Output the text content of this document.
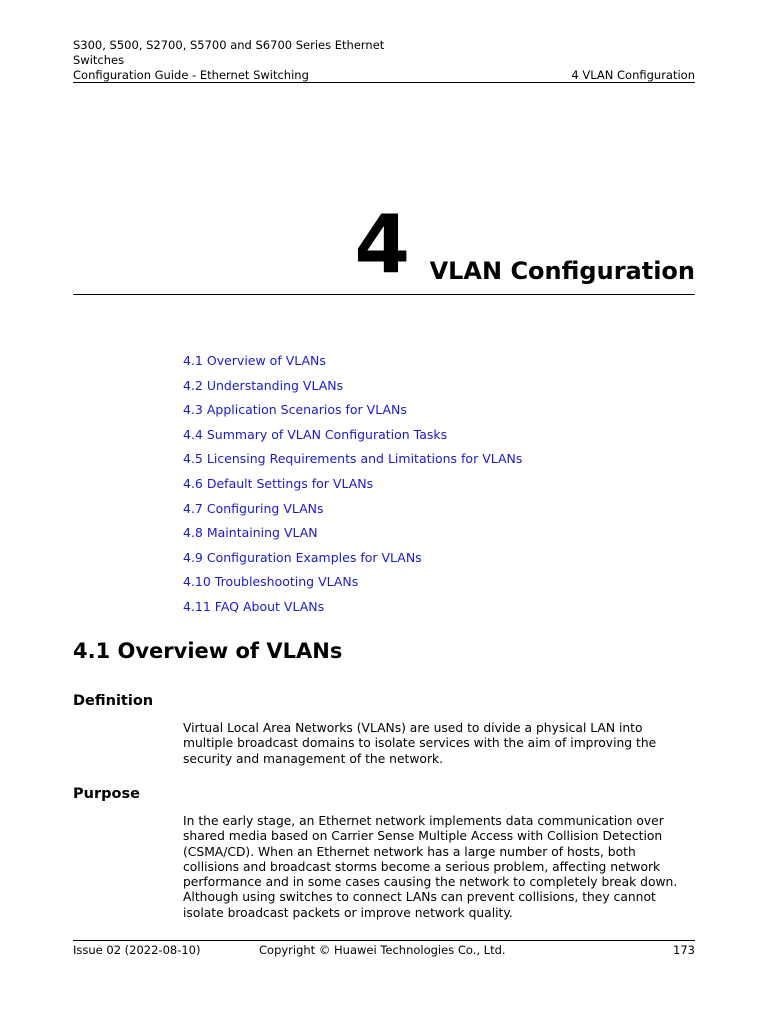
S300, S500, S2700, S5700 and S6700 Series Ethernet
Switches
Configuration Guide - Ethernet Switching	4 VLAN Configuration
4 VLAN Configuration
4.1 Overview of VLANs
4.2 Understanding VLANs
4.3 Application Scenarios for VLANs
4.4 Summary of VLAN Configuration Tasks
4.5 Licensing Requirements and Limitations for VLANs
4.6 Default Settings for VLANs
4.7 Configuring VLANs
4.8 Maintaining VLAN
4.9 Configuration Examples for VLANs
4.10 Troubleshooting VLANs
4.11 FAQ About VLANs
4.1 Overview of VLANs
Definition
Virtual Local Area Networks (VLANs) are used to divide a physical LAN into
multiple broadcast domains to isolate services with the aim of improving the
security and management of the network.
Purpose
In the early stage, an Ethernet network implements data communication over
shared media based on Carrier Sense Multiple Access with Collision Detection
(CSMA/CD). When an Ethernet network has a large number of hosts, both
collisions and broadcast storms become a serious problem, affecting network
performance and in some cases causing the network to completely break down.
Although using switches to connect LANs can prevent collisions, they cannot
isolate broadcast packets or improve network quality.
Issue 02 (2022-08-10)	Copyright © Huawei Technologies Co., Ltd.	173
